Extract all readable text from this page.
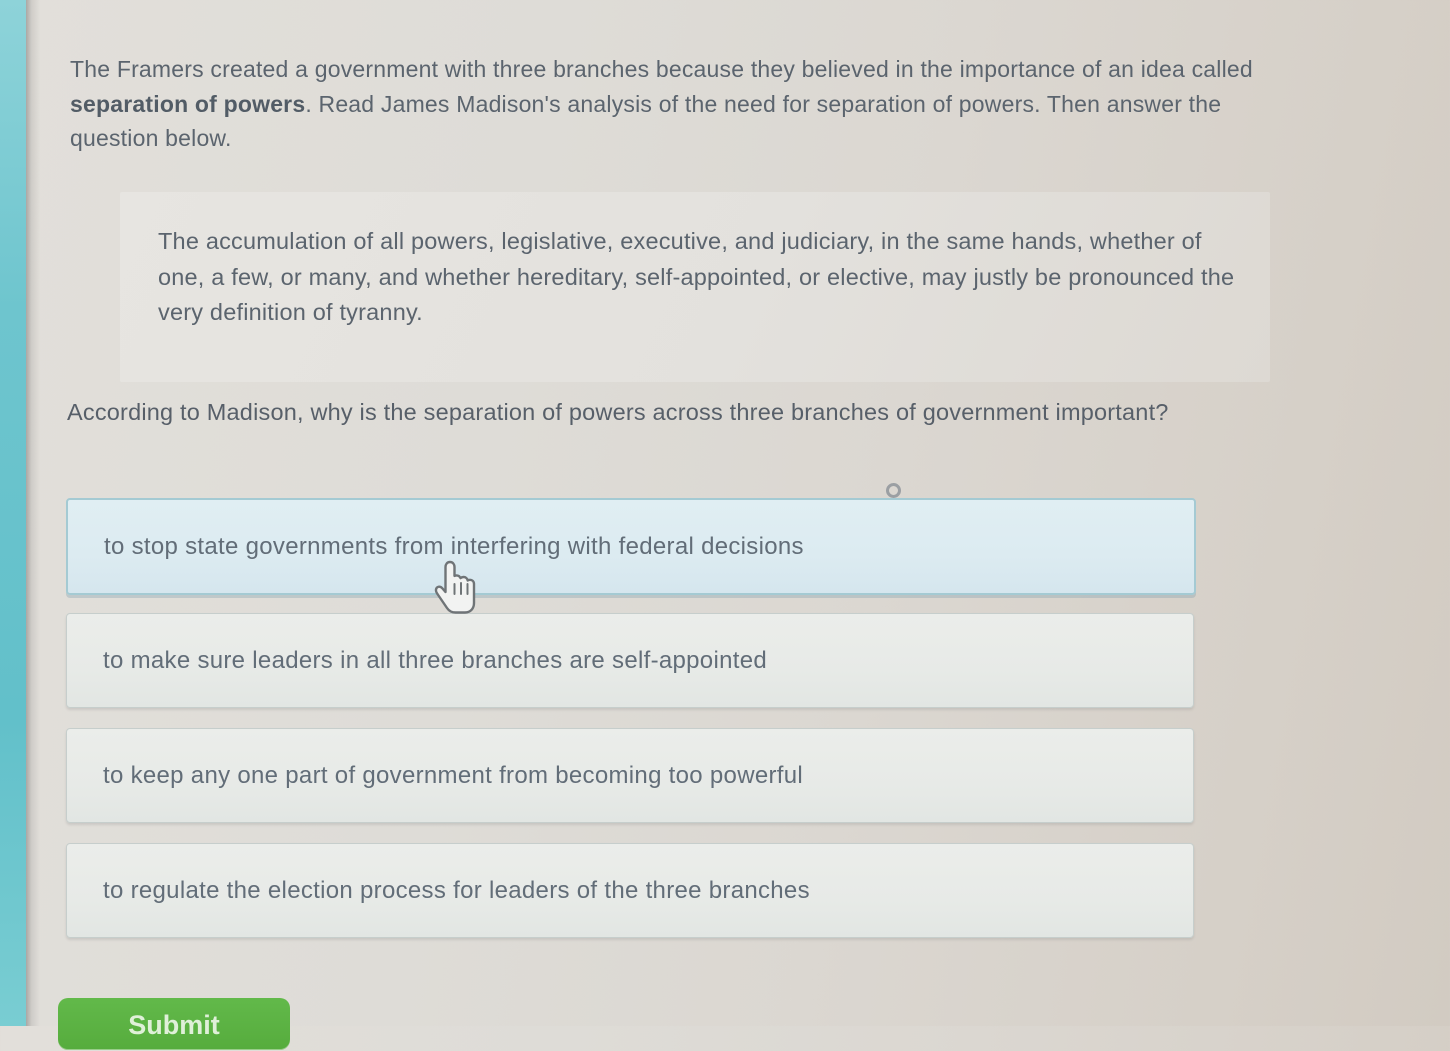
The Framers created a government with three branches because they believed in the importance of an idea called separation of powers. Read James Madison's analysis of the need for separation of powers. Then answer the question below.
The accumulation of all powers, legislative, executive, and judiciary, in the same hands, whether of one, a few, or many, and whether hereditary, self-appointed, or elective, may justly be pronounced the very definition of tyranny.
According to Madison, why is the separation of powers across three branches of government important?
to stop state governments from interfering with federal decisions
to make sure leaders in all three branches are self-appointed
to keep any one part of government from becoming too powerful
to regulate the election process for leaders of the three branches
Submit
